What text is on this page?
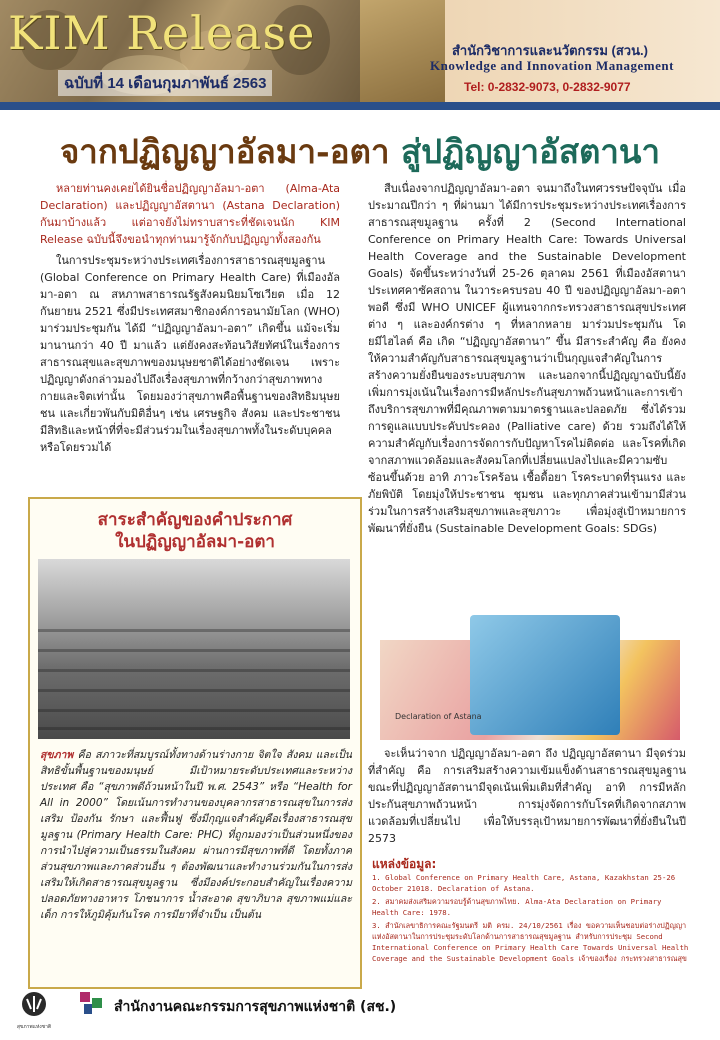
KIM Release
ฉบับที่ 14 เดือนกุมภาพันธ์ 2563
สำนักวิชาการและนวัตกรรม (สวน.)
Knowledge and Innovation Management
Tel: 0-2832-9073, 0-2832-9077
จากปฏิญญาอัลมา-อตา สู่ปฏิญญาอัสตานา

หลายท่านคงเคยได้ยินชื่อปฏิญญาอัลมา-อตา (Alma-Ata Declaration) และปฏิญญาอัสตานา (Astana Declaration) กันมาบ้างแล้ว แต่อาจยังไม่ทราบสาระที่ชัดเจนนัก KIM Release ฉบับนี้จึงขอนำทุกท่านมารู้จักกับปฏิญญาทั้งสองกัน

ในการประชุมระหว่างประเทศเรื่องการสาธารณสุขมูลฐาน (Global Conference on Primary Health Care) ที่เมืองอัลมา-อตา ณ สหภาพสาธารณรัฐสังคมนิยมโซเวียต เมื่อ 12 กันยายน 2521 ซึ่งมีประเทศสมาชิกองค์การอนามัยโลก (WHO) มาร่วมประชุมกัน ได้มี “ปฏิญญาอัลมา-อตา” เกิดขึ้น แม้จะเริ่มมานานกว่า 40 ปี มาแล้ว แต่ยังคงสะท้อนวิสัยทัศน์ในเรื่องการสาธารณสุขและสุขภาพของมนุษยชาติได้อย่างชัดเจน เพราะปฏิญญาดังกล่าวมองไปถึงเรื่องสุขภาพที่กว้างกว่าสุขภาพทางกายและจิตเท่านั้น โดยมองว่าสุขภาพคือพื้นฐานของสิทธิมนุษยชน และเกี่ยวพันกับมิติอื่นๆ เช่น เศรษฐกิจ สังคม และประชาชนมีสิทธิและหน้าที่ที่จะมีส่วนร่วมในเรื่องสุขภาพทั้งในระดับบุคคลหรือโดยรวมได้

สาระสำคัญของคำประกาศ
ในปฏิญญาอัลมา-อตา
สุขภาพ คือ สภาวะที่สมบูรณ์ทั้งทางด้านร่างกาย จิตใจ สังคม และเป็นสิทธิขั้นพื้นฐานของมนุษย์ มีเป้าหมายระดับประเทศและระหว่างประเทศ คือ “สุขภาพดีถ้วนหน้าในปี พ.ศ. 2543” หรือ “Health for All in 2000” โดยเน้นการทำงานของบุคลากรสาธารณสุขในการส่งเสริม ป้องกัน รักษา และฟื้นฟู ซึ่งมีกุญแจสำคัญคือเรื่องสาธารณสุขมูลฐาน (Primary Health Care: PHC) ที่ถูกมองว่าเป็นส่วนหนึ่งของการนำไปสู่ความเป็นธรรมในสังคม ผ่านการมีสุขภาพที่ดี โดยทั้งภาคส่วนสุขภาพและภาคส่วนอื่น ๆ ต้องพัฒนาและทำงานร่วมกันในการส่งเสริมให้เกิดสาธารณสุขมูลฐาน ซึ่งมีองค์ประกอบสำคัญในเรื่องความปลอดภัยทางอาหาร โภชนาการ น้ำสะอาด สุขาภิบาล สุขภาพแม่และเด็ก การให้ภูมิคุ้มกันโรค การมียาที่จำเป็น เป็นต้น

สืบเนื่องจากปฏิญญาอัลมา-อตา จนมาถึงในทศวรรษปัจจุบัน เมื่อประมาณปีกว่า ๆ ที่ผ่านมา ได้มีการประชุมระหว่างประเทศเรื่องการสาธารณสุขมูลฐาน ครั้งที่ 2 (Second International Conference on Primary Health Care: Towards Universal Health Coverage and the Sustainable Development Goals) จัดขึ้นระหว่างวันที่ 25-26 ตุลาคม 2561 ที่เมืองอัสตานา ประเทศคาซัคสถาน ในวาระครบรอบ 40 ปี ของปฏิญญาอัลมา-อตา พอดี ซึ่งมี WHO UNICEF ผู้แทนจากกระทรวงสาธารณสุขประเทศต่าง ๆ และองค์กรต่าง ๆ ที่หลากหลาย มาร่วมประชุมกัน โดยมีไฮไลต์ คือ เกิด “ปฏิญญาอัสตานา” ขึ้น มีสาระสำคัญ คือ ยังคงให้ความสำคัญกับสาธารณสุขมูลฐานว่าเป็นกุญแจสำคัญในการสร้างความยั่งยืนของระบบสุขภาพ และนอกจากนี้ปฏิญญาฉบับนี้ยังเพิ่มการมุ่งเน้นในเรื่องการมีหลักประกันสุขภาพถ้วนหน้าและการเข้าถึงบริการสุขภาพที่มีคุณภาพตามมาตรฐานและปลอดภัย ซึ่งได้รวมการดูแลแบบประคับประคอง (Palliative care) ด้วย รวมถึงได้ให้ความสำคัญกับเรื่องการจัดการกับปัญหาโรคไม่ติดต่อ และโรคที่เกิดจากสภาพแวดล้อมและสังคมโลกที่เปลี่ยนแปลงไปและมีความซับซ้อนขึ้นด้วย อาทิ ภาวะโรคร้อน เชื้อดื้อยา โรคระบาดที่รุนแรง และภัยพิบัติ โดยมุ่งให้ประชาชน ชุมชน และทุกภาคส่วนเข้ามามีส่วนร่วมในการสร้างเสริมสุขภาพและสุขภาวะ เพื่อมุ่งสู่เป้าหมายการพัฒนาที่ยั่งยืน (Sustainable Development Goals: SDGs)

Declaration of Astana

จะเห็นว่าจาก ปฏิญญาอัลมา-อตา ถึง ปฏิญญาอัสตานา มีจุดร่วมที่สำคัญ คือ การเสริมสร้างความเข้มแข็งด้านสาธารณสุขมูลฐาน ขณะที่ปฏิญญาอัสตานามีจุดเน้นเพิ่มเติมที่สำคัญ อาทิ การมีหลักประกันสุขภาพถ้วนหน้า การมุ่งจัดการกับโรคที่เกิดจากสภาพแวดล้อมที่เปลี่ยนไป เพื่อให้บรรลุเป้าหมายการพัฒนาที่ยั่งยืนในปี 2573

แหล่งข้อมูล:
1. Global Conference on Primary Health Care, Astana, Kazakhstan 25-26 October 21018. Declaration of Astana.
2. สมาคมส่งเสริมความรอบรู้ด้านสุขภาพไทย. Alma-Ata Declaration on Primary Health Care: 1978.
3. สำนักเลขาธิการคณะรัฐมนตรี มติ ครม. 24/10/2561 เรื่อง ขอความเห็นชอบต่อร่างปฏิญญาแห่งอัสตานาในการประชุมระดับโลกด้านการสาธารณสุขมูลฐาน สำหรับการประชุม Second International Conference on Primary Health Care Towards Universal Health Coverage and the Sustainable Development Goals เจ้าของเรื่อง กระทรวงสาธารณสุข
สุขภาพแห่งชาติ
สำนักงานคณะกรรมการสุขภาพแห่งชาติ (สช.)
